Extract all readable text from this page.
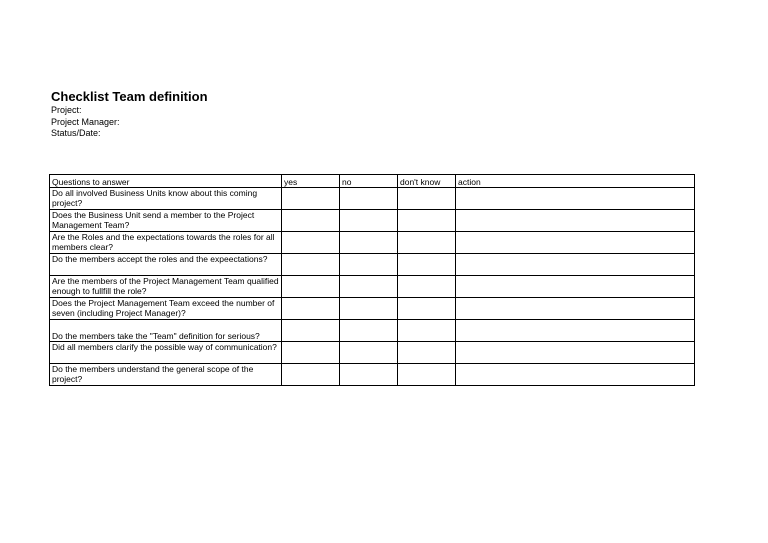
Checklist Team definition
Project:
Project Manager:
Status/Date:
Questions to answer	yes	no	don't know	action
Do all involved Business Units know about this coming project?				
Does the Business Unit send a member to the Project Management Team?				
Are the Roles and the expectations towards the roles for all members clear?				
Do the members accept the roles and the expeectations?				
Are the members of the Project Management Team qualified enough to fullfill the role?				
Does the Project Management Team exceed the number of seven (including Project Manager)?				
Do the members take the "Team" definition for serious?				
Did all members clarify the possible way of communication?				
Do the members understand the general scope of the project?				
